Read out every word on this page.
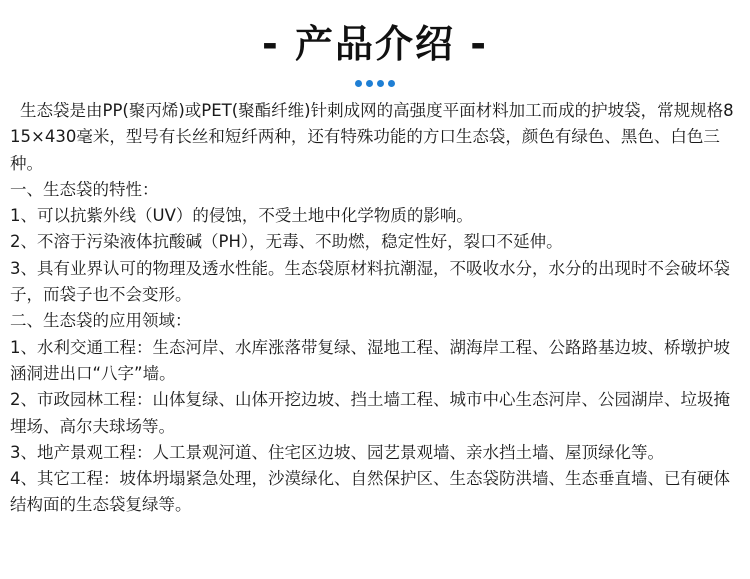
- 产品介绍 -

生态袋是由PP(聚丙烯)或PET(聚酯纤维)针刺成网的高强度平面材料加工而成的护坡袋，常规规格815×430毫米，型号有长丝和短纤两种，还有特殊功能的方口生态袋，颜色有绿色、黑色、白色三种。

一、生态袋的特性：

1、可以抗紫外线（UV）的侵蚀，不受土地中化学物质的影响。

2、不溶于污染液体抗酸碱（PH），无毒、不助燃，稳定性好，裂口不延伸。

3、具有业界认可的物理及透水性能。生态袋原材料抗潮湿，不吸收水分，水分的出现时不会破坏袋子，而袋子也不会变形。

二、生态袋的应用领域：

1、水利交通工程：生态河岸、水库涨落带复绿、湿地工程、湖海岸工程、公路路基边坡、桥墩护坡涵洞进出口“八字”墙。

2、市政园林工程：山体复绿、山体开挖边坡、挡土墙工程、城市中心生态河岸、公园湖岸、垃圾掩埋场、高尔夫球场等。

3、地产景观工程：人工景观河道、住宅区边坡、园艺景观墙、亲水挡土墙、屋顶绿化等。

4、其它工程：坡体坍塌紧急处理，沙漠绿化、自然保护区、生态袋防洪墙、生态垂直墙、已有硬体结构面的生态袋复绿等。
